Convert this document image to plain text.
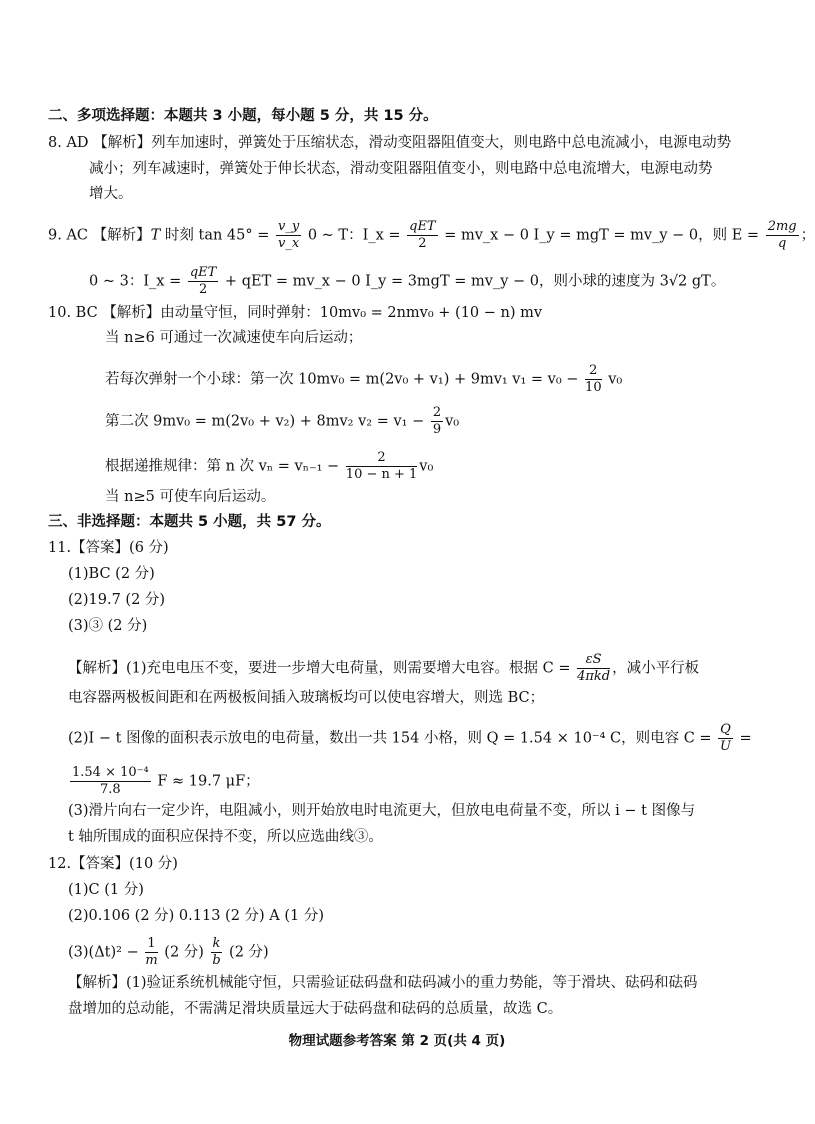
二、多项选择题：本题共 3 小题，每小题 5 分，共 15 分。
8. AD 【解析】列车加速时，弹簧处于压缩状态，滑动变阻器阻值变大，则电路中总电流减小，电源电动势
减小；列车减速时，弹簧处于伸长状态，滑动变阻器阻值变小，则电路中总电流增大，电源电动势
增大。
9. AC 【解析】T 时刻 $\tan 45^\circ = \frac{v\_y}{v\_x} 0$ ~ T：I_x = $\frac{\text{qET}}{2}$ = mv_x − 0 I_y = mgT = mv_y − 0，则 $E = \frac{2mg}{q}$ ；
0 ~ 3：I_x = $\frac{\text{qET}}{2}$ + qET = mv_x − 0 I_y = 3mgT = mv_y − 0，则小球的速度为 3√2 gT。
10. BC 【解析】由动量守恒，同时弹射：10mv₀ = 2nmv₀ + (10 − n) mv
当 n≥6 可通过一次减速使车向后运动；
若每次弹射一个小球：第一次 10mv₀ = m(2v₀ + v₁) + 9mv₁ $v_1 = v_0 - \frac{2}{10} v_0$
第二次 9mv₀ = m(2v₀ + v₂) + 8mv₂ $v_2 = v_1 - \frac{2}{9} v_0$
根据递推规律：第 n 次 $v_n = v_{n-1} - \frac{2}{10 - n + 1} v_0$
当 n≥5 可使车向后运动。
三、非选择题：本题共 5 小题，共 57 分。
11.【答案】(6 分)
(1)BC (2 分)
(2)19.7 (2 分)
(3)③ (2 分)
【解析】(1)充电电压不变，要进一步增大电荷量，则需要增大电容。根据 $C = \frac{\varepsilon S}{\text{4πkd}}$ ，减小平行板
电容器两极板间距和在两极板间插入玻璃板均可以使电容增大，则选 BC；
(2)I − t 图像的面积表示放电的电荷量，数出一共 154 小格，则 Q = 1.54 × 10⁻⁴ C，则电容 $C = \frac{Q}{U}$ =
$\frac{\text{1.54 × 10⁻⁴}}{7.8}$ F ≈ 19.7 μF；
(3)滑片向右一定少许，电阻减小，则开始放电时电流更大，但放电电荷量不变，所以 i − t 图像与
t 轴所围成的面积应保持不变，所以应选曲线③。
12.【答案】(10 分)
(1)C (1 分)
(2)0.106 (2 分) 0.113 (2 分) A (1 分)
$(3)(\Delta t)^2 - \frac{1}{m} (2$ 分) $\frac{k}{b} (2$ 分)
【解析】(1)验证系统机械能守恒，只需验证砝码盘和砝码减小的重力势能，等于滑块、砝码和砝码
盘增加的总动能，不需满足滑块质量远大于砝码盘和砝码的总质量，故选 C。
物理试题参考答案 第 2 页(共 4 页)
